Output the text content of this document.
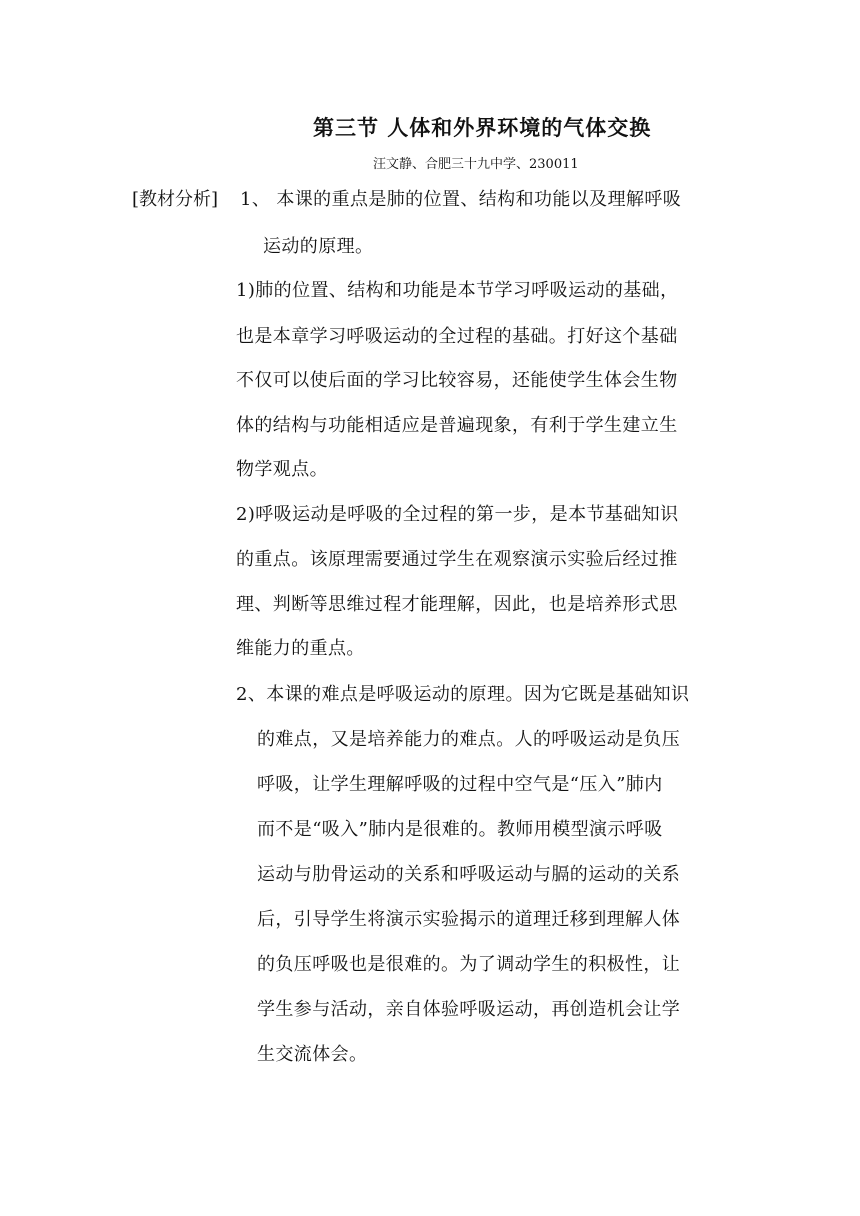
第三节 人体和外界环境的气体交换
汪文静、合肥三十九中学、230011
[教材分析] 1、 本课的重点是肺的位置、结构和功能以及理解呼吸
运动的原理。
1)肺的位置、结构和功能是本节学习呼吸运动的基础，
也是本章学习呼吸运动的全过程的基础。打好这个基础
不仅可以使后面的学习比较容易，还能使学生体会生物
体的结构与功能相适应是普遍现象，有利于学生建立生
物学观点。
2)呼吸运动是呼吸的全过程的第一步，是本节基础知识
的重点。该原理需要通过学生在观察演示实验后经过推
理、判断等思维过程才能理解，因此，也是培养形式思
维能力的重点。
2、本课的难点是呼吸运动的原理。因为它既是基础知识
的难点，又是培养能力的难点。人的呼吸运动是负压
呼吸，让学生理解呼吸的过程中空气是“压入”肺内
而不是“吸入”肺内是很难的。教师用模型演示呼吸
运动与肋骨运动的关系和呼吸运动与膈的运动的关系
后，引导学生将演示实验揭示的道理迁移到理解人体
的负压呼吸也是很难的。为了调动学生的积极性，让
学生参与活动，亲自体验呼吸运动，再创造机会让学
生交流体会。
